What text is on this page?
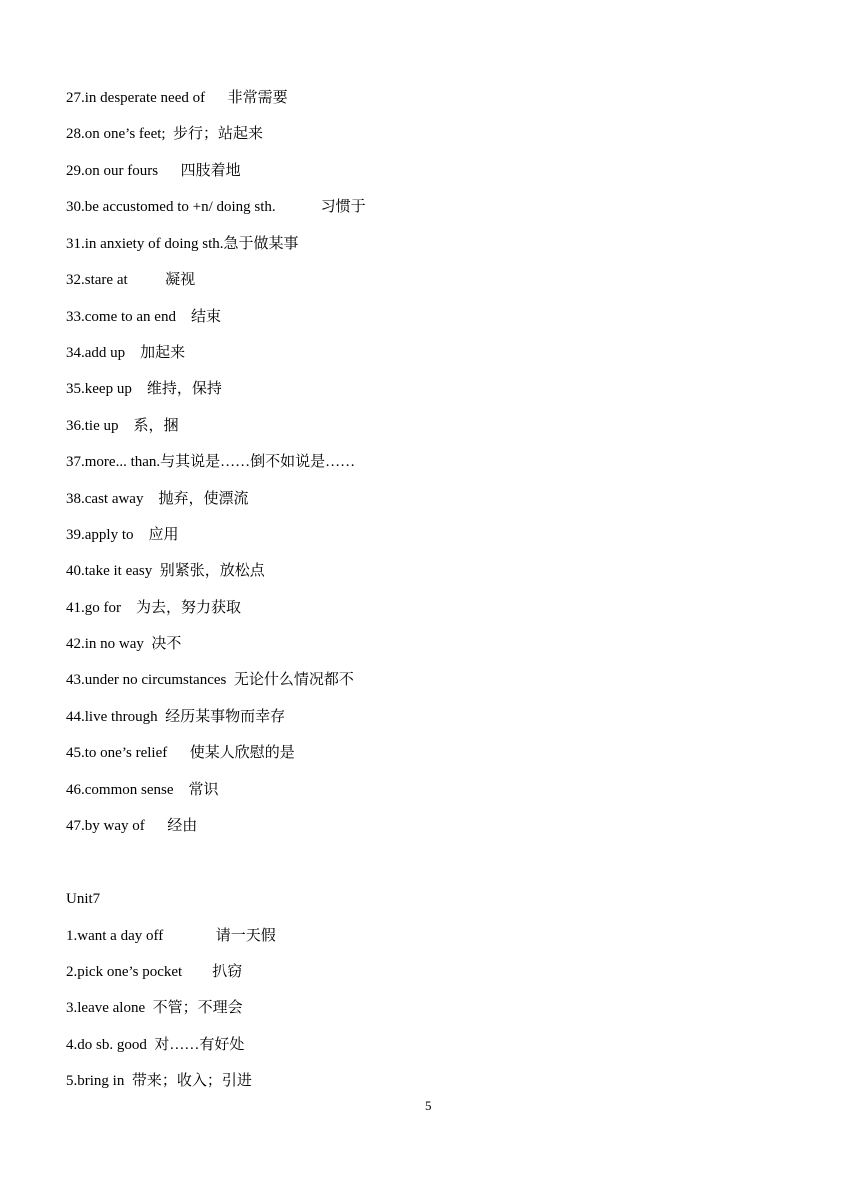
27.in desperate need of      非常需要
28.on one’s feet;  步行；站起来
29.on our fours      四肢着地
30.be accustomed to +n/ doing sth.            习惯于
31.in anxiety of doing sth.急于做某事
32.stare at          凝视
33.come to an end    结束
34.add up    加起来
35.keep up    维持，保持
36.tie up    系，捆
37.more... than.与其说是……倒不如说是……
38.cast away    抛弃，使漂流
39.apply to    应用
40.take it easy  别紧张，放松点
41.go for    为去，努力获取
42.in no way  决不
43.under no circumstances  无论什么情况都不
44.live through  经历某事物而幸存
45.to one’s relief      使某人欣慰的是
46.common sense    常识
47.by way of      经由
Unit7
1.want a day off              请一天假
2.pick one’s pocket        扒窃
3.leave alone  不管；不理会
4.do sb. good  对……有好处
5.bring in  带来；收入；引进
5
